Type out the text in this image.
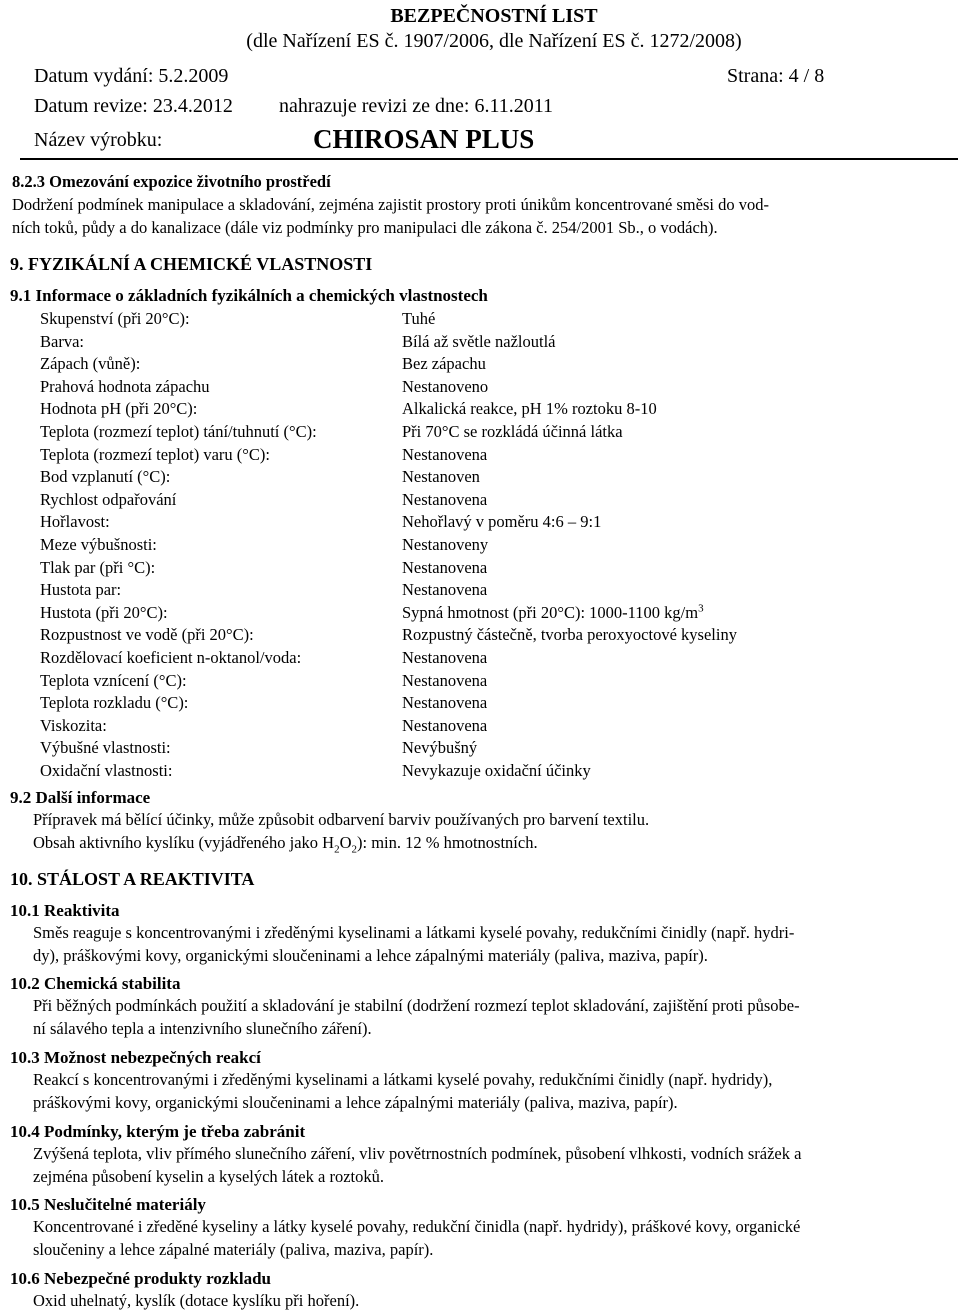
BEZPEČNOSTNÍ LIST
(dle Nařízení ES č. 1907/2006, dle Nařízení ES č. 1272/2008)
Datum vydání: 5.2.2009	Strana: 4 / 8
Datum revize: 23.4.2012 nahrazuje revizi ze dne: 6.11.2011
Název výrobku:	CHIROSAN PLUS
8.2.3 Omezování expozice životního prostředí
Dodržení podmínek manipulace a skladování, zejména zajistit prostory proti únikům koncentrované směsi do vod-
ních toků, půdy a do kanalizace (dále viz podmínky pro manipulaci dle zákona č. 254/2001 Sb., o vodách).
9. FYZIKÁLNÍ A CHEMICKÉ VLASTNOSTI
9.1 Informace o základních fyzikálních a chemických vlastnostech
Skupenství (při 20°C):	Tuhé
Barva:	Bílá až světle nažloutlá
Zápach (vůně):	Bez zápachu
Prahová hodnota zápachu	Nestanoveno
Hodnota pH (při 20°C):	Alkalická reakce, pH 1% roztoku 8-10
Teplota (rozmezí teplot) tání/tuhnutí (°C):	Při 70°C se rozkládá účinná látka
Teplota (rozmezí teplot) varu (°C):	Nestanovena
Bod vzplanutí (°C):	Nestanoven
Rychlost odpařování	Nestanovena
Hořlavost:	Nehořlavý v poměru 4:6 – 9:1
Meze výbušnosti:	Nestanoveny
Tlak par (při °C):	Nestanovena
Hustota par:	Nestanovena
Hustota (při 20°C):	Sypná hmotnost (při 20°C): 1000-1100 $kg/m^3$
Rozpustnost ve vodě (při 20°C):	Rozpustný částečně, tvorba peroxyoctové kyseliny
Rozdělovací koeficient n-oktanol/voda:	Nestanovena
Teplota vznícení (°C):	Nestanovena
Teplota rozkladu (°C):	Nestanovena
Viskozita:	Nestanovena
Výbušné vlastnosti:	Nevýbušný
Oxidační vlastnosti:	Nevykazuje oxidační účinky
9.2 Další informace
Přípravek má bělící účinky, může způsobit odbarvení barviv používaných pro barvení textilu.
Obsah aktivního kyslíku (vyjádřeného jako $H_2O_2$): min. 12 % hmotnostních.
10. STÁLOST A REAKTIVITA
10.1 Reaktivita
Směs reaguje s koncentrovanými i zředěnými kyselinami a látkami kyselé povahy, redukčními činidly (např. hydri-
dy), práškovými kovy, organickými sloučeninami a lehce zápalnými materiály (paliva, maziva, papír).
10.2 Chemická stabilita
Při běžných podmínkách použití a skladování je stabilní (dodržení rozmezí teplot skladování, zajištění proti působe-
ní sálavého tepla a intenzivního slunečního záření).
10.3 Možnost nebezpečných reakcí
Reakcí s koncentrovanými i zředěnými kyselinami a látkami kyselé povahy, redukčními činidly (např. hydridy),
práškovými kovy, organickými sloučeninami a lehce zápalnými materiály (paliva, maziva, papír).
10.4 Podmínky, kterým je třeba zabránit
Zvýšená teplota, vliv přímého slunečního záření, vliv povětrnostních podmínek, působení vlhkosti, vodních srážek a
zejména působení kyselin a kyselých látek a roztoků.
10.5 Neslučitelné materiály
Koncentrované i zředěné kyseliny a látky kyselé povahy, redukční činidla (např. hydridy), práškové kovy, organické
sloučeniny a lehce zápalné materiály (paliva, maziva, papír).
10.6 Nebezpečné produkty rozkladu
Oxid uhelnatý, kyslík (dotace kyslíku při hoření).
